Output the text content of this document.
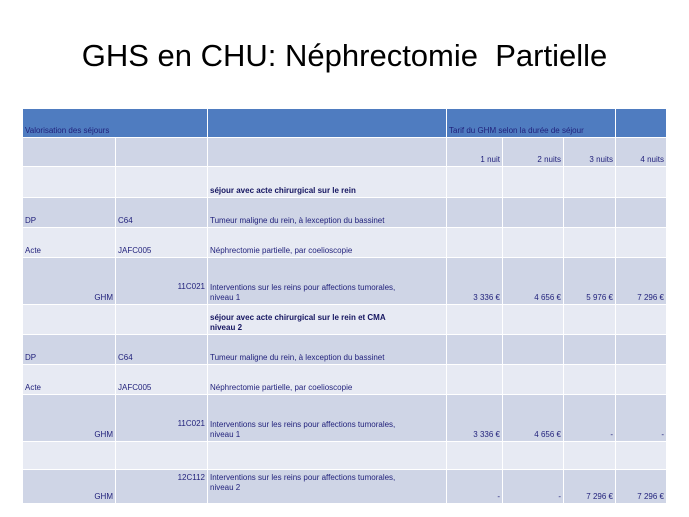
GHS en CHU: Néphrectomie  Partielle
Valorisation des séjours			Tarif du GHM selon la durée de séjour			
			1 nuit	2 nuits	3 nuits	4 nuits
		séjour avec acte chirurgical sur le rein				
DP	C64	Tumeur maligne du rein, à lexception du bassinet				
Acte	JAFC005	Néphrectomie partielle, par coelioscopie				
GHM	11C021	Interventions sur les reins pour affections tumorales,
niveau 1	3 336 €	4 656 €	5 976 €	7 296 €

		séjour avec acte chirurgical sur le rein et CMA
niveau 2				

DP	C64	Tumeur maligne du rein, à lexception du bassinet				
Acte	JAFC005	Néphrectomie partielle, par coelioscopie				
GHM	11C021	Interventions sur les reins pour affections tumorales,
niveau 1	3 336 €	4 656 €	-	-

GHM	12C112	Interventions sur les reins pour affections tumorales,
niveau 2	-	-	7 296 €	7 296 €
